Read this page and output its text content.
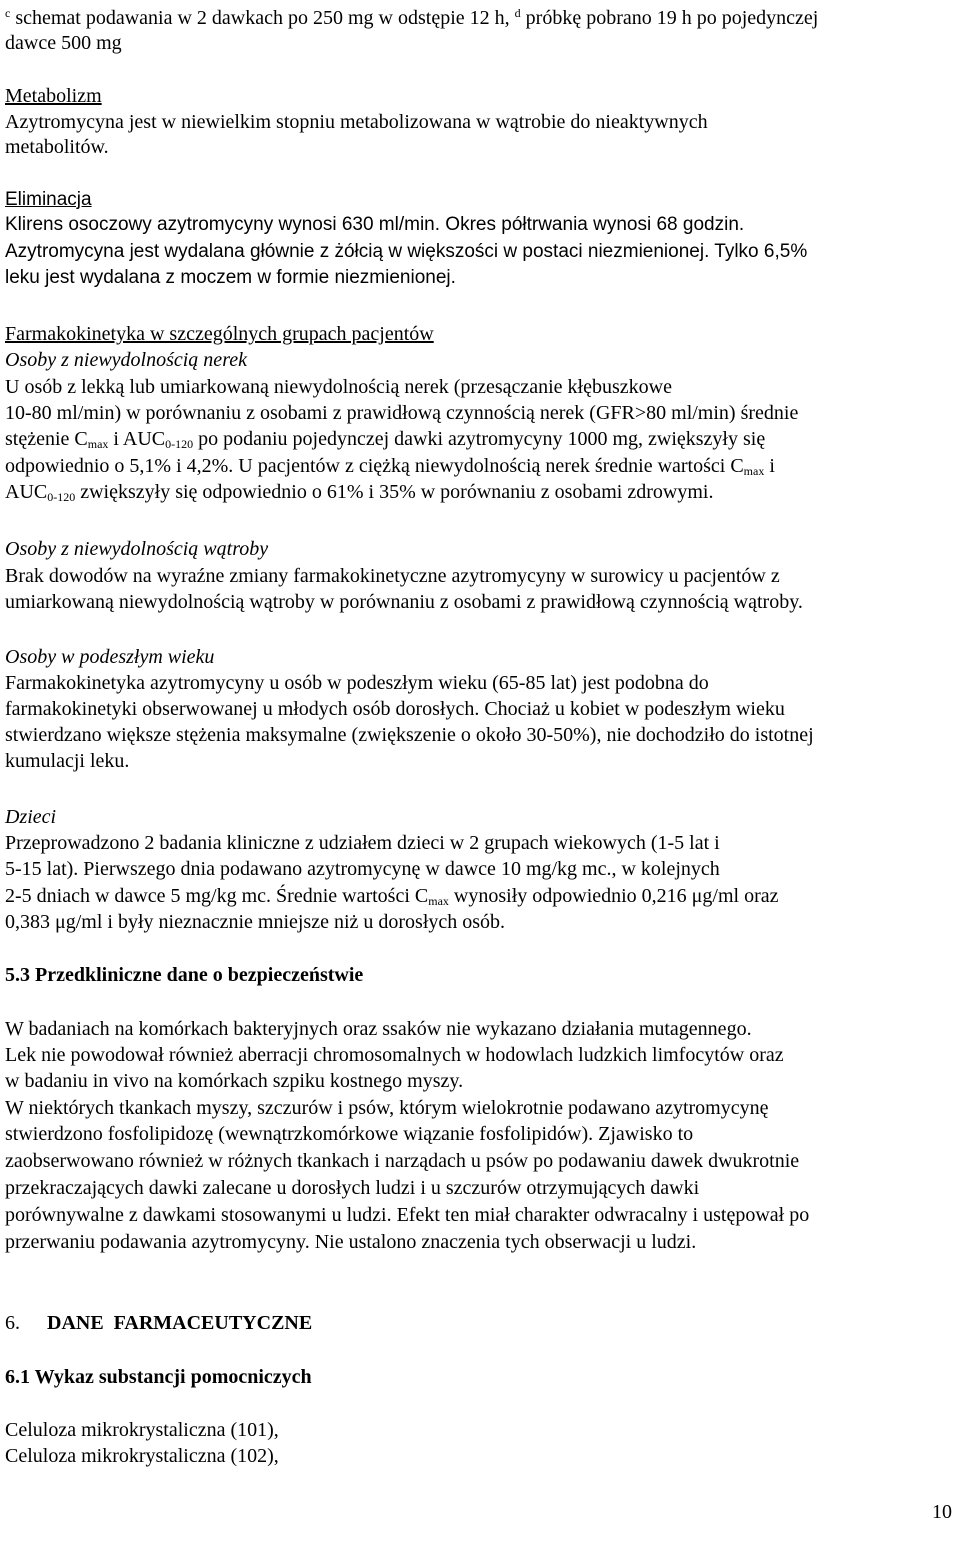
$^c$ schemat podawania w 2 dawkach po 250 mg w odstępie 12 h, $^d$ próbkę pobrano 19 h po pojedynczej
dawce 500 mg
Metabolizm
Azytromycyna jest w niewielkim stopniu metabolizowana w wątrobie do nieaktywnych
metabolitów.
Eliminacja
Klirens osoczowy azytromycyny wynosi 630 ml/min. Okres półtrwania wynosi 68 godzin.
Azytromycyna jest wydalana głównie z żółcią w większości w postaci niezmienionej. Tylko 6,5%
leku jest wydalana z moczem w formie niezmienionej.
Farmakokinetyka w szczególnych grupach pacjentów
Osoby z niewydolnością nerek
U osób z lekką lub umiarkowaną niewydolnością nerek (przesączanie kłębuszkowe
10-80 ml/min) w porównaniu z osobami z prawidłową czynnością nerek (GFR>80 ml/min) średnie
stężenie $C_{max}$ i $AUC_{0-120}$ po podaniu pojedynczej dawki azytromycyny 1000 mg, zwiększyły się
odpowiednio o 5,1% i 4,2%. U pacjentów z ciężką niewydolnością nerek średnie wartości $C_{max}$ i
$AUC_{0-120}$ zwiększyły się odpowiednio o 61% i 35% w porównaniu z osobami zdrowymi.
Osoby z niewydolnością wątroby
Brak dowodów na wyraźne zmiany farmakokinetyczne azytromycyny w surowicy u pacjentów z
umiarkowaną niewydolnością wątroby w porównaniu z osobami z prawidłową czynnością wątroby.
Osoby w podeszłym wieku
Farmakokinetyka azytromycyny u osób w podeszłym wieku (65-85 lat) jest podobna do
farmakokinetyki obserwowanej u młodych osób dorosłych. Chociaż u kobiet w podeszłym wieku
stwierdzano większe stężenia maksymalne (zwiększenie o około 30-50%), nie dochodziło do istotnej
kumulacji leku.
Dzieci
Przeprowadzono 2 badania kliniczne z udziałem dzieci w 2 grupach wiekowych (1-5 lat i
5-15 lat). Pierwszego dnia podawano azytromycynę w dawce 10 mg/kg mc., w kolejnych
2-5 dniach w dawce 5 mg/kg mc. Średnie wartości $C_{max}$ wynosiły odpowiednio 0,216 μg/ml oraz
0,383 μg/ml i były nieznacznie mniejsze niż u dorosłych osób.
5.3 Przedkliniczne dane o bezpieczeństwie
W badaniach na komórkach bakteryjnych oraz ssaków nie wykazano działania mutagennego.
Lek nie powodował również aberracji chromosomalnych w hodowlach ludzkich limfocytów oraz
w badaniu in vivo na komórkach szpiku kostnego myszy.
W niektórych tkankach myszy, szczurów i psów, którym wielokrotnie podawano azytromycynę
stwierdzono fosfolipidozę (wewnątrzkomórkowe wiązanie fosfolipidów). Zjawisko to
zaobserwowano również w różnych tkankach i narządach u psów po podawaniu dawek dwukrotnie
przekraczających dawki zalecane u dorosłych ludzi i u szczurów otrzymujących dawki
porównywalne z dawkami stosowanymi u ludzi. Efekt ten miał charakter odwracalny i ustępował po
przerwaniu podawania azytromycyny. Nie ustalono znaczenia tych obserwacji u ludzi.
6. DANE  FARMACEUTYCZNE
6.1 Wykaz substancji pomocniczych
Celuloza mikrokrystaliczna (101),
Celuloza mikrokrystaliczna (102),
10
